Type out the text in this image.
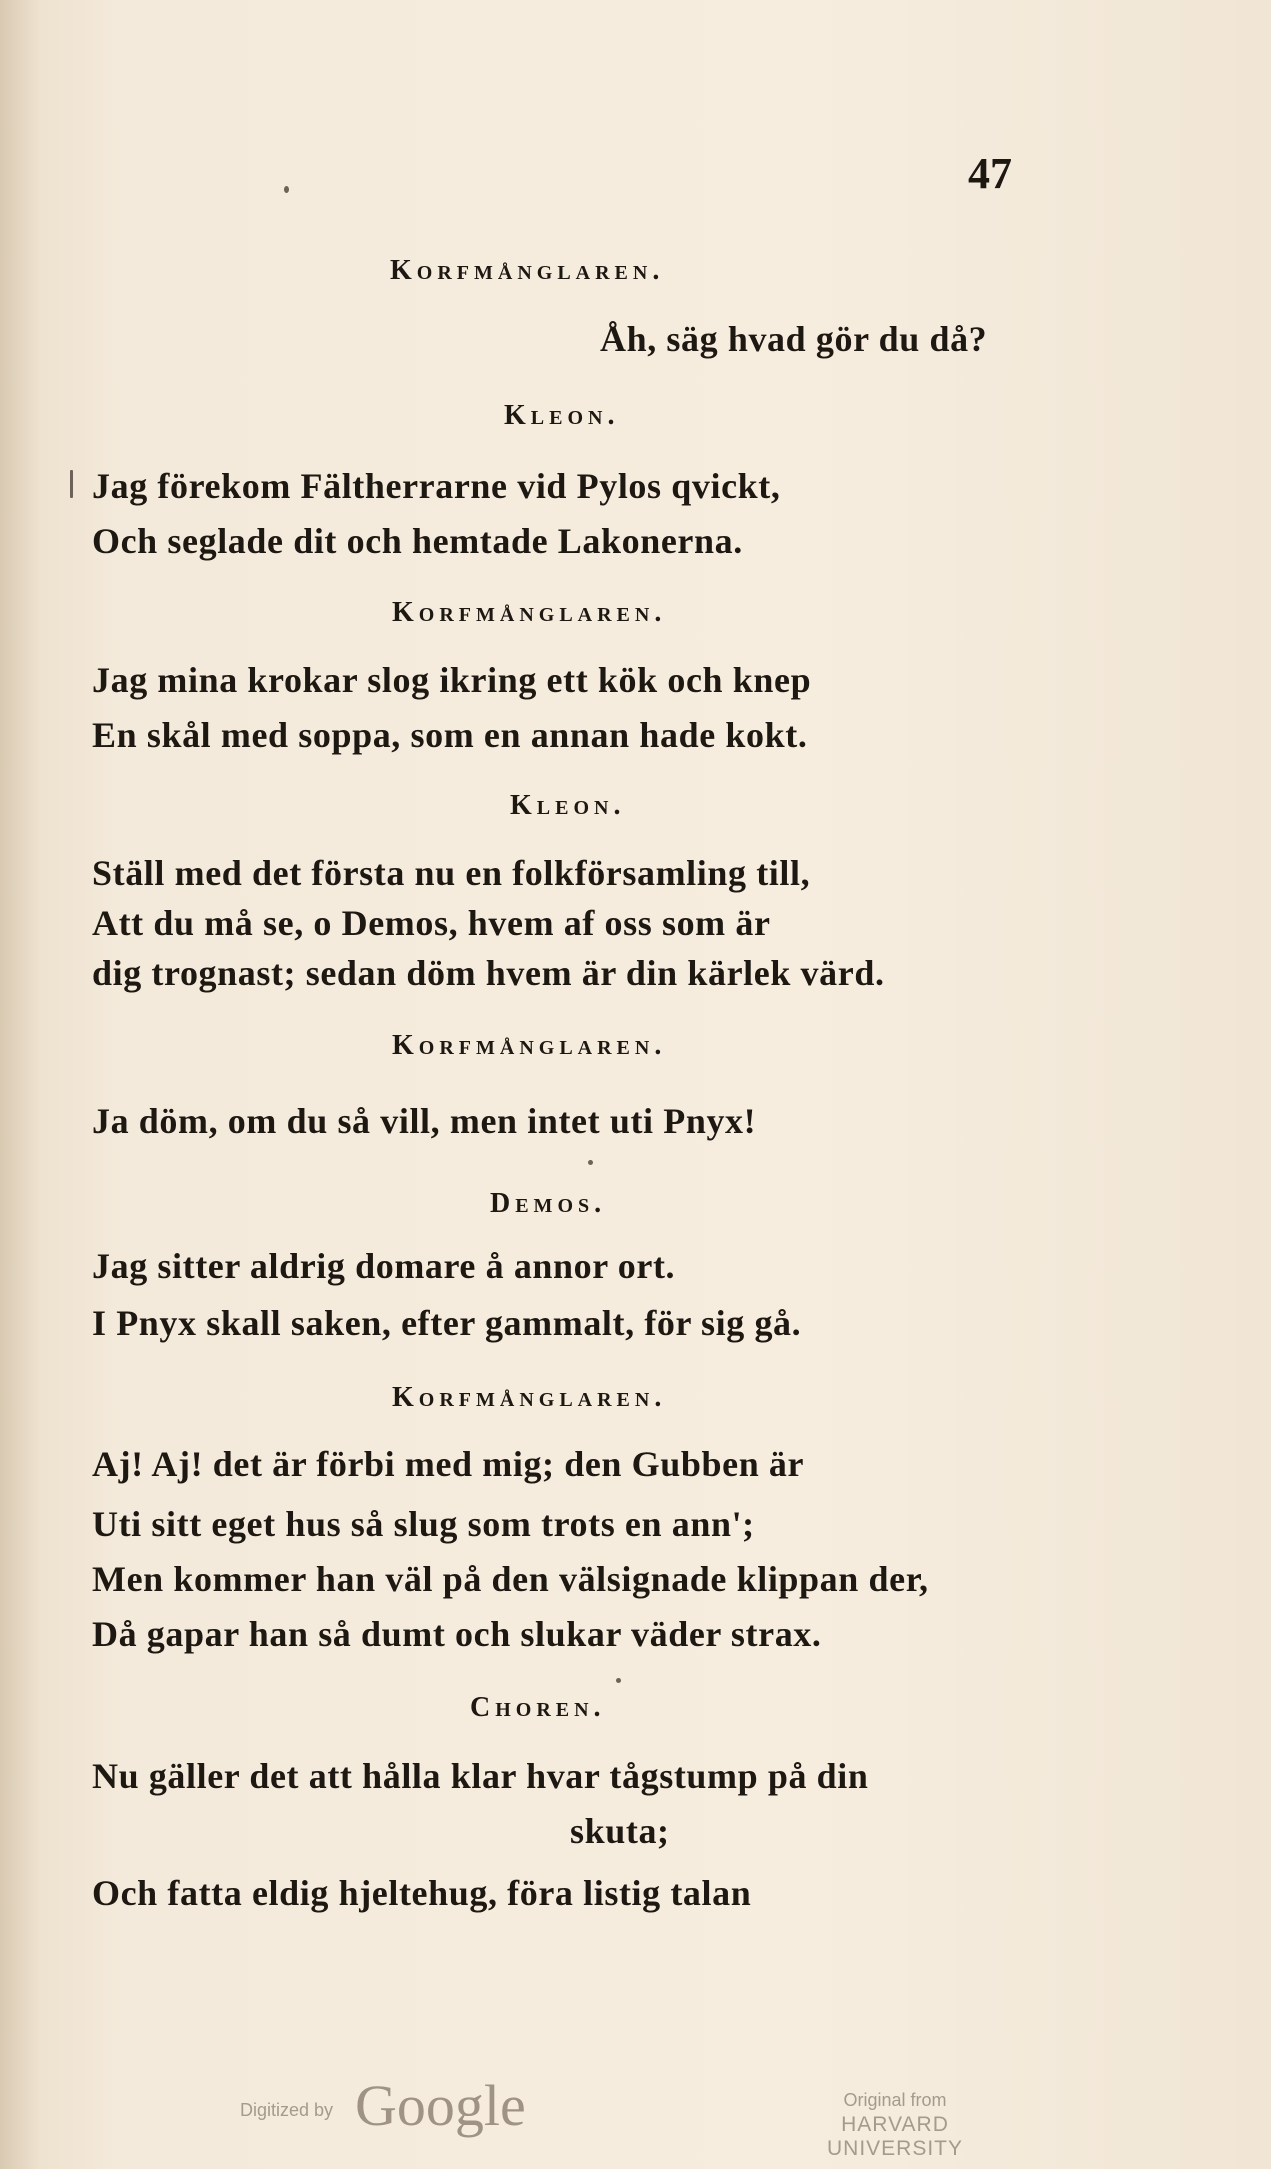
47
Korfmånglaren.
Åh, säg hvad gör du då?
Kleon.
Jag förekom Fältherrarne vid Pylos qvickt,
Och seglade dit och hemtade Lakonerna.
Korfmånglaren.
Jag mina krokar slog ikring ett kök och knep
En skål med soppa, som en annan hade kokt.
Kleon.
Ställ med det första nu en folkförsamling till,
Att du må se, o Demos, hvem af oss som är
dig trognast; sedan döm hvem är din kärlek värd.
Korfmånglaren.
Ja döm, om du så vill, men intet uti Pnyx!
Demos.
Jag sitter aldrig domare å annor ort.
I Pnyx skall saken, efter gammalt, för sig gå.
Korfmånglaren.
Aj! Aj! det är förbi med mig; den Gubben är
Uti sitt eget hus så slug som trots en ann';
Men kommer han väl på den välsignade klippan der,
Då gapar han så dumt och slukar väder strax.
Choren.
Nu gäller det att hålla klar hvar tågstump på din
skuta;
Och fatta eldig hjeltehug, föra listig talan
Digitized by Google	Original from
HARVARD UNIVERSITY
